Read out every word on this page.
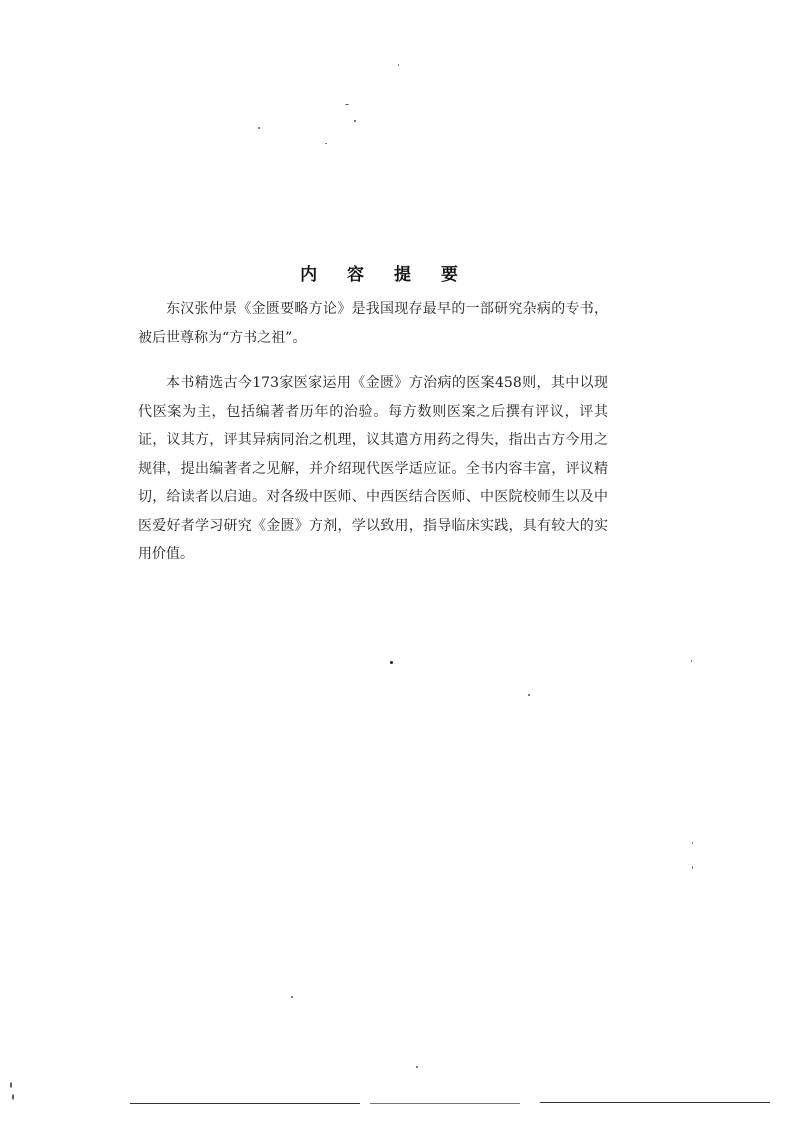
内 容 提 要

东汉张仲景《金匮要略方论》是我国现存最早的一部研究杂病的专书，被后世尊称为“方书之祖”。

本书精选古今173家医家运用《金匮》方治病的医案458则，其中以现代医案为主，包括编著者历年的治验。每方数则医案之后撰有评议，评其证，议其方，评其异病同治之机理，议其遣方用药之得失，指出古方今用之规律，提出编著者之见解，并介绍现代医学适应证。全书内容丰富，评议精切，给读者以启迪。对各级中医师、中西医结合医师、中医院校师生以及中医爱好者学习研究《金匮》方剂，学以致用，指导临床实践，具有较大的实用价值。
